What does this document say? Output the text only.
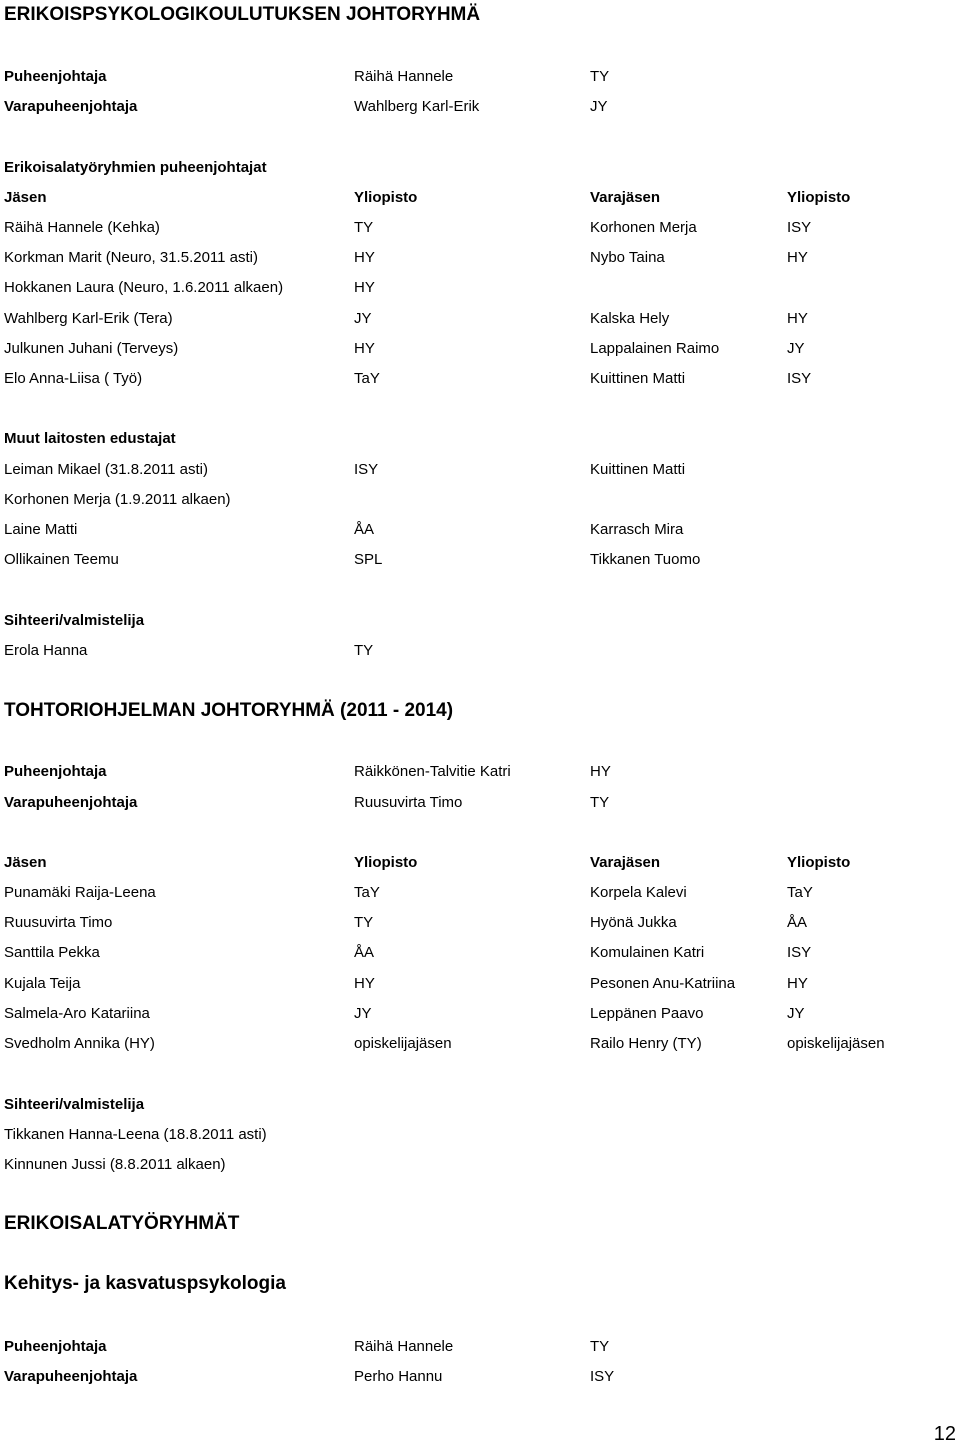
ERIKOISPSYKOLOGIKOULUTUKSEN JOHTORYHMÄ
Puheenjohtaja	Räihä Hannele	TY
Varapuheenjohtaja	Wahlberg Karl-Erik	JY
Erikoisalatyöryhmien puheenjohtajat
Jäsen	Yliopisto	Varajäsen	Yliopisto
Räihä Hannele (Kehka)	TY	Korhonen Merja	ISY
Korkman Marit (Neuro, 31.5.2011 asti)	HY	Nybo Taina	HY
Hokkanen Laura (Neuro, 1.6.2011 alkaen)	HY
Wahlberg Karl-Erik (Tera)	JY	Kalska Hely	HY
Julkunen Juhani (Terveys)	HY	Lappalainen Raimo	JY
Elo Anna-Liisa ( Työ)	TaY	Kuittinen Matti	ISY
Muut laitosten edustajat
Leiman Mikael (31.8.2011 asti)	ISY	Kuittinen Matti
Korhonen Merja (1.9.2011 alkaen)
Laine Matti	ÅA	Karrasch Mira
Ollikainen Teemu	SPL	Tikkanen Tuomo
Sihteeri/valmistelija
Erola Hanna	TY
TOHTORIOHJELMAN JOHTORYHMÄ (2011 - 2014)
Puheenjohtaja	Räikkönen-Talvitie Katri	HY
Varapuheenjohtaja	Ruusuvirta Timo	TY
Jäsen	Yliopisto	Varajäsen	Yliopisto
Punamäki Raija-Leena	TaY	Korpela Kalevi	TaY
Ruusuvirta Timo	TY	Hyönä Jukka	ÅA
Santtila Pekka	ÅA	Komulainen Katri	ISY
Kujala Teija	HY	Pesonen Anu-Katriina	HY
Salmela-Aro Katariina	JY	Leppänen Paavo	JY
Svedholm Annika (HY)	opiskelijajäsen	Railo Henry (TY)	opiskelijajäsen
Sihteeri/valmistelija
Tikkanen Hanna-Leena (18.8.2011 asti)
Kinnunen Jussi (8.8.2011 alkaen)
ERIKOISALATYÖRYHMÄT
Kehitys- ja kasvatuspsykologia
Puheenjohtaja	Räihä Hannele	TY
Varapuheenjohtaja	Perho Hannu	ISY
12
